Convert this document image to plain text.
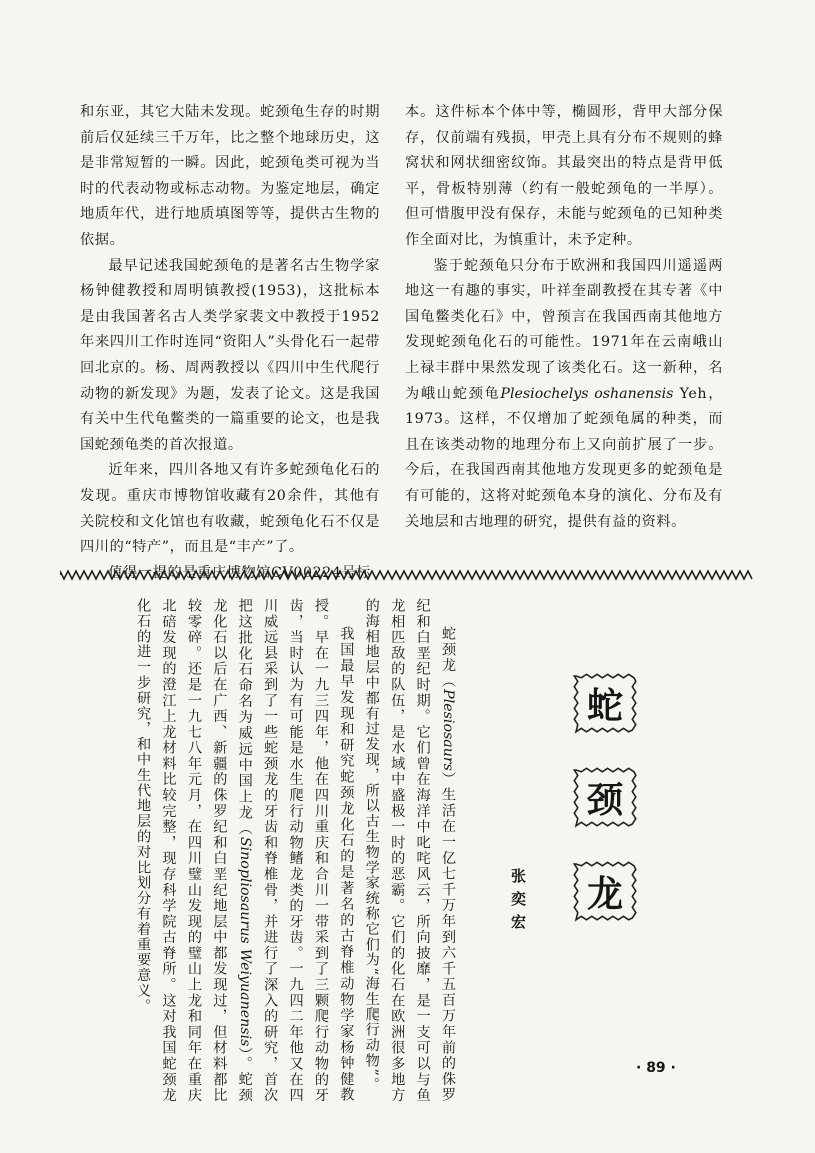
和东亚，其它大陆未发现。蛇颈龟生存的时期前后仅延续三千万年，比之整个地球历史，这是非常短暂的一瞬。因此，蛇颈龟类可视为当时的代表动物或标志动物。为鉴定地层，确定地质年代，进行地质填图等等，提供古生物的依据。

最早记述我国蛇颈龟的是著名古生物学家杨钟健教授和周明镇教授(1953)，这批标本是由我国著名古人类学家裴文中教授于1952年来四川工作时连同“资阳人”头骨化石一起带回北京的。杨、周两教授以《四川中生代爬行动物的新发现》为题，发表了论文。这是我国有关中生代龟鳖类的一篇重要的论文，也是我国蛇颈龟类的首次报道。

近年来，四川各地又有许多蛇颈龟化石的发现。重庆市博物馆收藏有20余件，其他有关院校和文化馆也有收藏，蛇颈龟化石不仅是四川的“特产”，而且是“丰产”了。

值得一提的是重庆博物馆CV00224号标

本。这件标本个体中等，椭圆形，背甲大部分保存，仅前端有残损，甲壳上具有分布不规则的蜂窝状和网状细密纹饰。其最突出的特点是背甲低平，骨板特别薄（约有一般蛇颈龟的一半厚）。但可惜腹甲没有保存，未能与蛇颈龟的已知种类作全面对比，为慎重计，未予定种。

鉴于蛇颈龟只分布于欧洲和我国四川遥遥两地这一有趣的事实，叶祥奎副教授在其专著《中国龟鳖类化石》中，曾预言在我国西南其他地方发现蛇颈龟化石的可能性。1971年在云南峨山上禄丰群中果然发现了该类化石。这一新种，名为峨山蛇颈龟Plesiochelys oshanensis Yeh，1973。这样，不仅增加了蛇颈龟属的种类，而且在该类动物的地理分布上又向前扩展了一步。今后，在我国西南其他地方发现更多的蛇颈龟是有可能的，这将对蛇颈龟本身的演化、分布及有关地层和古地理的研究，提供有益的资料。

蛇颈龙（Plesiosaurs）生活在一亿七千万年到六千五百万年前的侏罗纪和白垩纪时期。它们曾在海洋中叱咤风云，所向披靡，是一支可以与鱼龙相匹敌的队伍，是水域中盛极一时的恶霸。它们的化石在欧洲很多地方的海相地层中都有过发现，所以古生物学家统称它们为“海生爬行动物”。

我国最早发现和研究蛇颈龙化石的是著名的古脊椎动物学家杨钟健教授。早在一九三四年，他在四川重庆和合川一带采到了三颗爬行动物的牙齿，当时认为有可能是水生爬行动物鳍龙类的牙齿。一九四二年他又在四川威远县采到了一些蛇颈龙的牙齿和脊椎骨，并进行了深入的研究，首次把这批化石命名为威远中国上龙（Sinopliosaurus Weiyuanensis）。蛇颈龙化石以后在广西、新疆的侏罗纪和白垩纪地层中都发现过，但材料都比较零碎。还是一九七八年元月，在四川璧山发现的璧山上龙和同年在重庆北碚发现的澄江上龙材料比较完整，现存科学院古脊所。这对我国蛇颈龙化石的进一步研究，和中生代地层的对比划分有着重要意义。	蛇
颈
龙
张奕宏
· 89 ·
